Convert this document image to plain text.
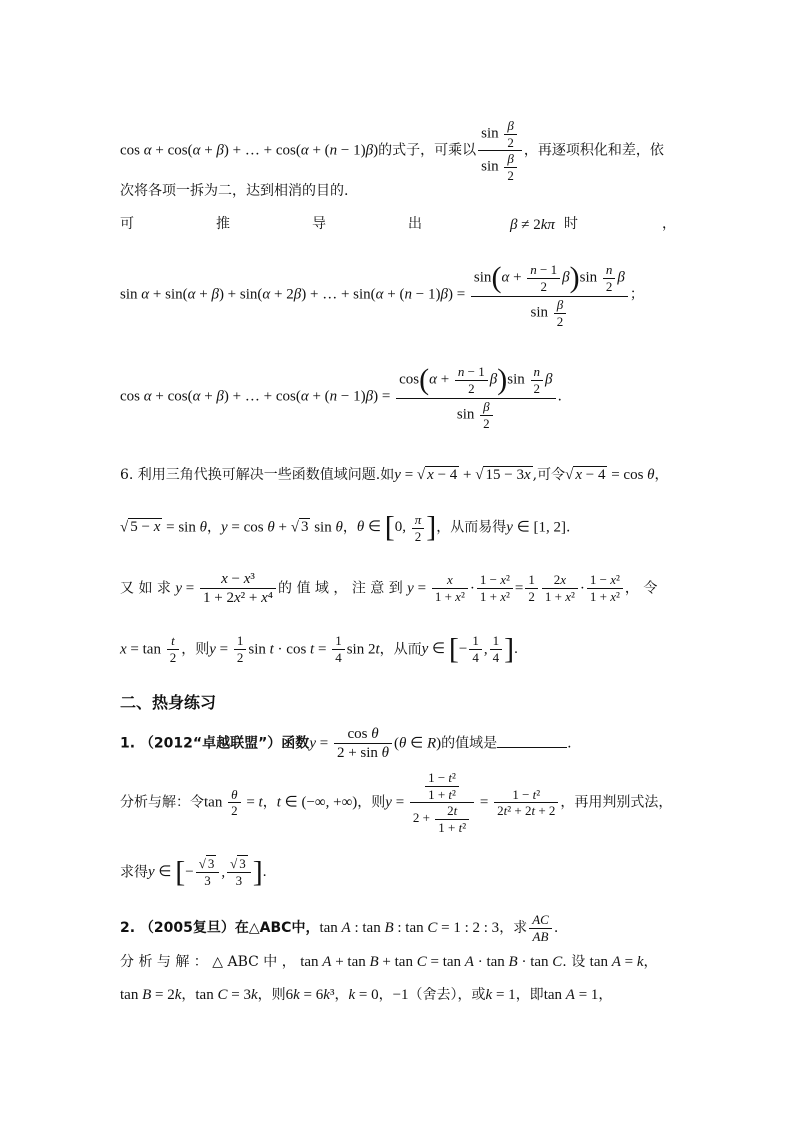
cos α + cos(α + β) + … + cos(α + (n − 1)β)的式子，可乘以 $\frac{\sin \frac{\beta}{2}}{\sin \frac{\beta}{2}}$ ，再逐项积化和差，依
次将各项一拆为二，达到相消的目的.
可	推	导	出	β ≠ 2kπ 时	，
sin α + sin(α + β) + sin(α + 2β) + … + $\sin(\alpha + (n - 1)\beta) = \frac{\sin(\alpha + \frac{n - 1}{2} \beta)\sin \frac{n}{2} \beta}{\sin \frac{\beta}{2}}$ ；
cos α + cos(α + β) + … + $\cos(\alpha + (n - 1)\beta) = \frac{\cos(\alpha + \frac{n - 1}{2} \beta)\sin \frac{n}{2} \beta}{\sin \frac{\beta}{2}}$ .
6. 利用三角代换可解决一些函数值域问题.如y = √ x − 4 + √ 15 − 3x ,可令√ x − 4 = cos θ，
√ 5 − x = sin θ，y = cos θ + √ 3 sin θ，θ ∈ [0, $\frac{\pi}{2}$ ]，从而易得y ∈ [1, 2].
又 如 求 $y = \frac{\text{x − x³}}{\text{1 + 2x² + x⁴}}$ 的 值 域 ， 注 意 到 $y = \frac{x}{\text{1 + x²}} \cdot \frac{\text{1 − x²}}{\text{1 + x²}} = \frac{1}{2} \frac{2x}{\text{1 + x²}} \cdot \frac{\text{1 − x²}}{\text{1 + x²}}$ ， 令
$x = \tan \frac{t}{2}$ ，则$y = \frac{1}{2}$ $\sin t \cdot \cos t = \frac{1}{4}$ sin 2t，从而y ∈ [− $\frac{1}{4}$ , $\frac{1}{4}$ ].
二、热身练习
1. （2012“卓越联盟”）函数$y = \frac{\text{cos θ}}{\text{2 + sin θ}} (\theta$ ∈ R)的值域是	.
分析与解：令$\tan \frac{\theta}{2} = t$，t ∈ (−∞, +∞)，则$y = \frac{\frac{\text{1 − t²}}{\text{1 + t²}}}{2 + \frac{2t}{\text{1 + t²}}} = \frac{\text{1 − t²}}{\text{2t² + 2t + 2}}$ ，再用判别式法，
求得y ∈ [− $\frac{√ 3}{3}$ , $\frac{√ 3}{3}$ ].
2. （2005复旦）在△ABC中，tan A : tan B : tan C = 1 : 2 : 3，求 $\frac{AC}{AB}$ .
分 析 与 解 ： △ ABC 中 ， tan A + tan B + tan C = tan A · tan B · tan C. 设 tan A = k，
tan B = 2k，tan C = 3k，则6k = 6k³，k = 0，−1（舍去），或k = 1，即tan A = 1，
